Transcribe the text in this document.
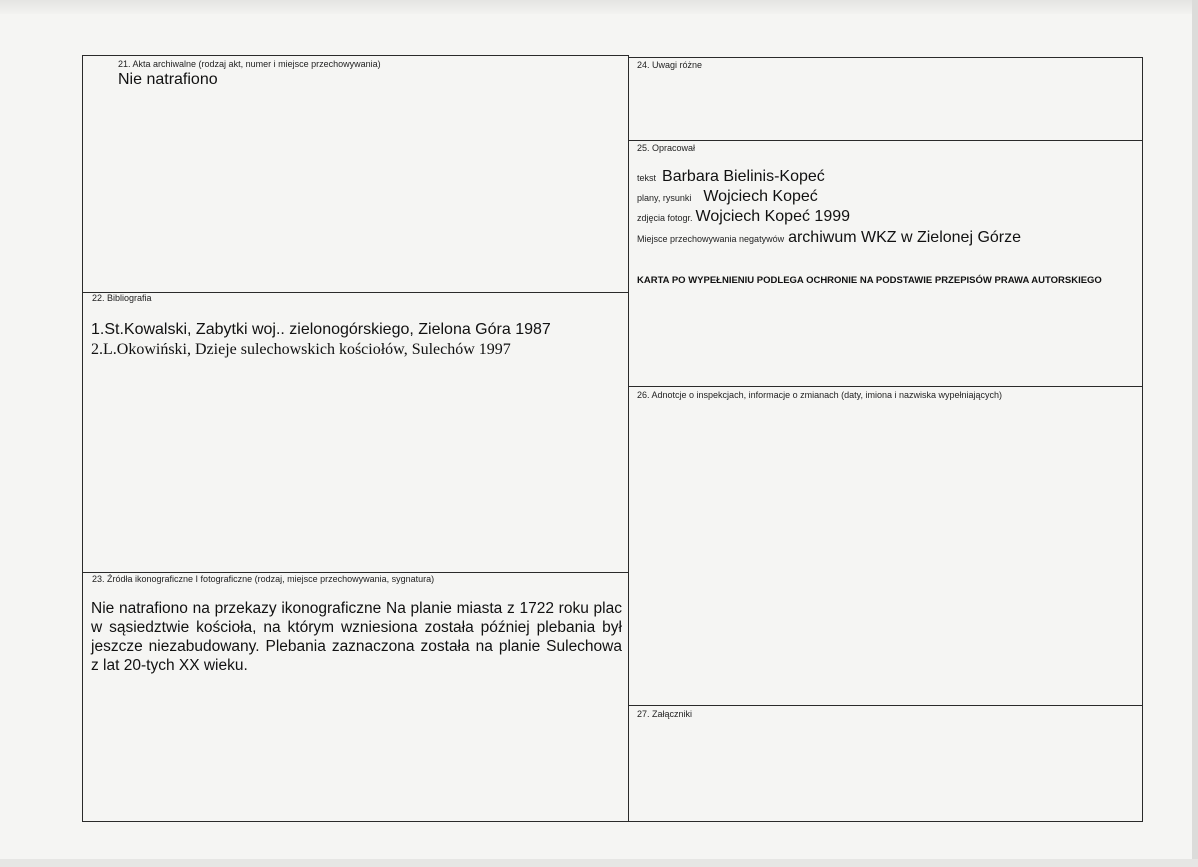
21. Akta archiwalne (rodzaj akt, numer i miejsce przechowywania)
Nie natrafiono
22. Bibliografia
1.St.Kowalski, Zabytki woj.. zielonogórskiego, Zielona Góra 1987
2.L.Okowiński, Dzieje sulechowskich kościołów, Sulechów 1997
23. Źródła ikonograficzne I fotograficzne (rodzaj, miejsce przechowywania, sygnatura)
Nie natrafiono na przekazy ikonograficzne Na planie miasta z 1722 roku plac w sąsiedztwie kościoła, na którym wzniesiona została później plebania był jeszcze niezabudowany. Plebania zaznaczona została na planie Sulechowa z lat 20-tych XX wieku.
24. Uwagi różne
25. Opracował
tekst Barbara Bielinis-Kopeć
plany, rysunki Wojciech Kopeć
zdjęcia fotogr. Wojciech Kopeć 1999
Miejsce przechowywania negatywów archiwum WKZ w Zielonej Górze
KARTA PO WYPEŁNIENIU PODLEGA OCHRONIE NA PODSTAWIE PRZEPISÓW PRAWA AUTORSKIEGO
26. Adnotcje o inspekcjach, informacje o zmianach (daty, imiona i nazwiska wypełniających)
27. Załączniki
